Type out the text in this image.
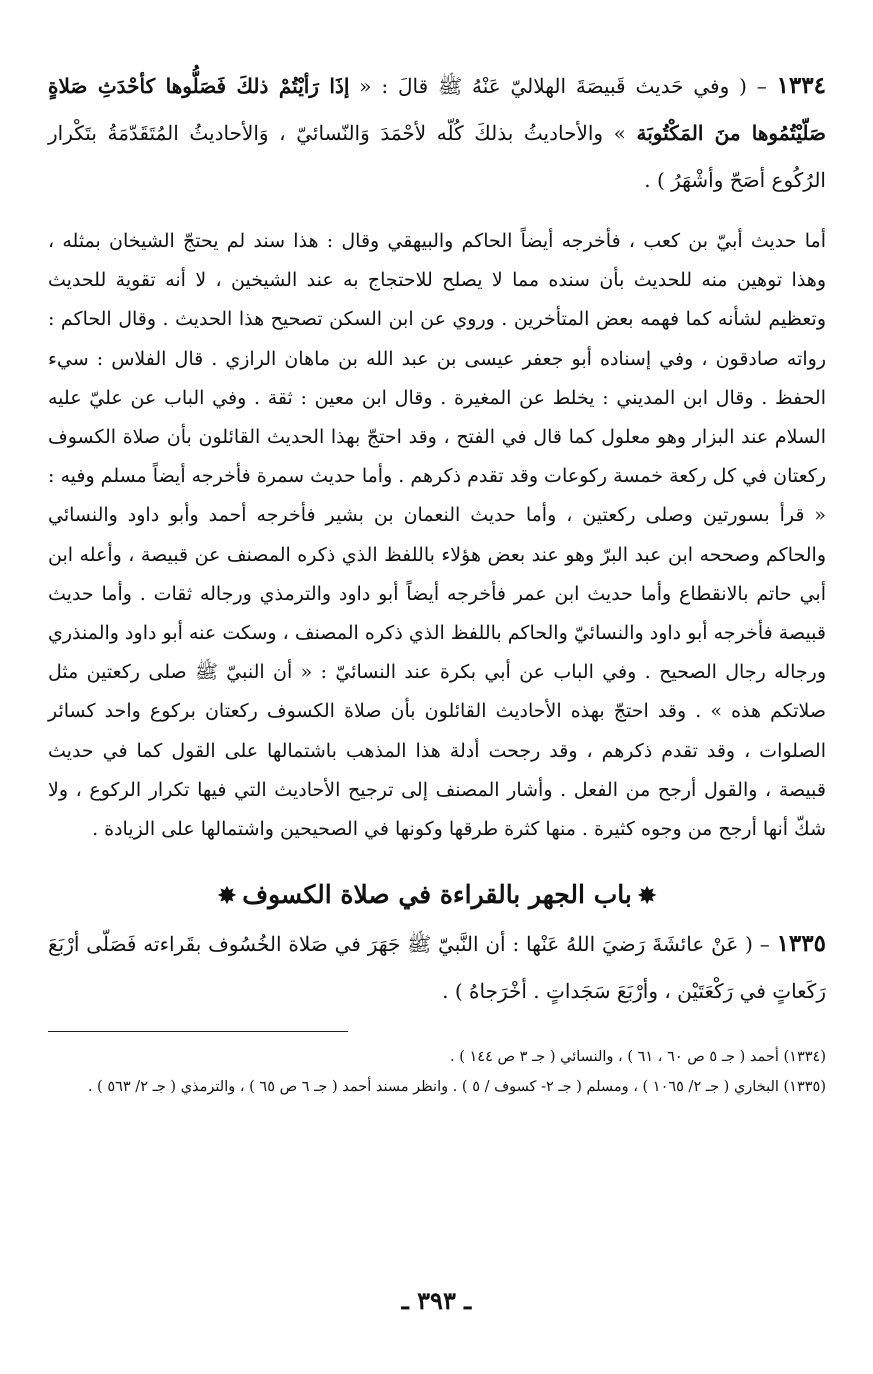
١٣٣٤ – ( وفي حَديث قَبيصَةَ الهلاليّ عَنْهُ ﷺ قالَ : « إذَا رَأيْتُمْ ذلكَ فَصَلُّوها كأحْدَثِ صَلاةٍ صَلّيْتُمُوها منَ المَكْتُوبَة » والأحاديثُ بذلكَ كُلّه لأحْمَدَ وَالنّسائيّ ، وَالأحاديثُ المُتَقَدّمَةُ بتَكْرار الرُكُوع أصَحّ وأشْهَرُ ) .

أما حديث أبيّ بن كعب ، فأخرجه أيضاً الحاكم والبيهقي وقال : هذا سند لم يحتجّ الشيخان بمثله ، وهذا توهين منه للحديث بأن سنده مما لا يصلح للاحتجاج به عند الشيخين ، لا أنه تقوية للحديث وتعظيم لشأنه كما فهمه بعض المتأخرين . وروي عن ابن السكن تصحيح هذا الحديث . وقال الحاكم : رواته صادقون ، وفي إسناده أبو جعفر عيسى بن عبد الله بن ماهان الرازي . قال الفلاس : سيء الحفظ . وقال ابن المديني : يخلط عن المغيرة . وقال ابن معين : ثقة . وفي الباب عن عليّ عليه السلام عند البزار وهو معلول كما قال في الفتح ، وقد احتجّ بهذا الحديث القائلون بأن صلاة الكسوف ركعتان في كل ركعة خمسة ركوعات وقد تقدم ذكرهم . وأما حديث سمرة فأخرجه أيضاً مسلم وفيه : « قرأ بسورتين وصلى ركعتين ، وأما حديث النعمان بن بشير فأخرجه أحمد وأبو داود والنسائي والحاكم وصححه ابن عبد البرّ وهو عند بعض هؤلاء باللفظ الذي ذكره المصنف عن قبيصة ، وأعله ابن أبي حاتم بالانقطاع وأما حديث ابن عمر فأخرجه أيضاً أبو داود والترمذي ورجاله ثقات . وأما حديث قبيصة فأخرجه أبو داود والنسائيّ والحاكم باللفظ الذي ذكره المصنف ، وسكت عنه أبو داود والمنذري ورجاله رجال الصحيح . وفي الباب عن أبي بكرة عند النسائيّ : « أن النبيّ ﷺ صلى ركعتين مثل صلاتكم هذه » . وقد احتجّ بهذه الأحاديث القائلون بأن صلاة الكسوف ركعتان بركوع واحد كسائر الصلوات ، وقد تقدم ذكرهم ، وقد رجحت أدلة هذا المذهب باشتمالها على القول كما في حديث قبيصة ، والقول أرجح من الفعل . وأشار المصنف إلى ترجيح الأحاديث التي فيها تكرار الركوع ، ولا شكّ أنها أرجح من وجوه كثيرة . منها كثرة طرقها وكونها في الصحيحين واشتمالها على الزيادة .

✸باب الجهر بالقراءة في صلاة الكسوف✸

١٣٣٥ – ( عَنْ عائشَةَ رَضيَ اللهُ عَنْها : أن النَّبيّ ﷺ جَهَرَ في صَلاة الخُسُوف بقَراءته فَصَلّى أرْبَعَ رَكَعاتٍ في رَكْعَتَيْن ، وأرْبَعَ سَجَداتٍ . أخْرَجاهُ ) .

(١٣٣٤) أحمد ( جـ ٥ ص ٦٠ ، ٦١ ) ، والنسائي ( جـ ٣ ص ١٤٤ ) .

(١٣٣٥) البخاري ( جـ ٢/ ١٠٦٥ ) ، ومسلم ( جـ ٢- كسوف / ٥ ) . وانظر مسند أحمد ( جـ ٦ ص ٦٥ ) ، والترمذي ( جـ ٢/ ٥٦٣ ) .

ـ ٣٩٣ ـ
